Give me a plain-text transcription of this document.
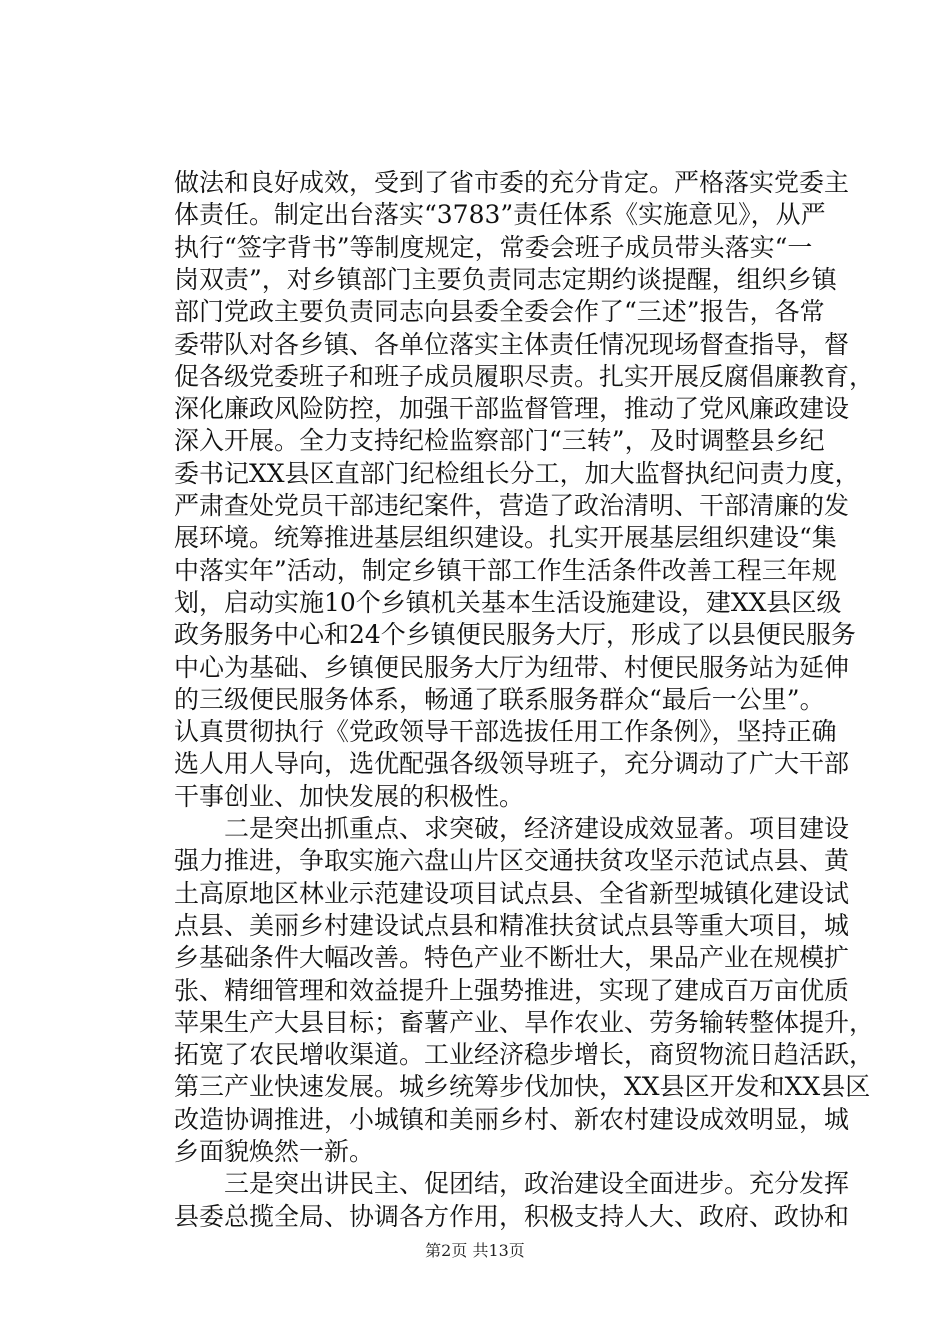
做法和良好成效，受到了省市委的充分肯定。严格落实党委主
体责任。制定出台落实“3783”责任体系《实施意见》，从严
执行“签字背书”等制度规定，常委会班子成员带头落实“一
岗双责”，对乡镇部门主要负责同志定期约谈提醒，组织乡镇
部门党政主要负责同志向县委全委会作了“三述”报告，各常
委带队对各乡镇、各单位落实主体责任情况现场督查指导，督
促各级党委班子和班子成员履职尽责。扎实开展反腐倡廉教育，
深化廉政风险防控，加强干部监督管理，推动了党风廉政建设
深入开展。全力支持纪检监察部门“三转”，及时调整县乡纪
委书记XX县区直部门纪检组长分工，加大监督执纪问责力度，
严肃查处党员干部违纪案件，营造了政治清明、干部清廉的发
展环境。统筹推进基层组织建设。扎实开展基层组织建设“集
中落实年”活动，制定乡镇干部工作生活条件改善工程三年规
划，启动实施10个乡镇机关基本生活设施建设，建XX县区级
政务服务中心和24个乡镇便民服务大厅，形成了以县便民服务
中心为基础、乡镇便民服务大厅为纽带、村便民服务站为延伸
的三级便民服务体系，畅通了联系服务群众“最后一公里”。
认真贯彻执行《党政领导干部选拔任用工作条例》，坚持正确
选人用人导向，选优配强各级领导班子，充分调动了广大干部
干事创业、加快发展的积极性。
　　二是突出抓重点、求突破，经济建设成效显著。项目建设
强力推进，争取实施六盘山片区交通扶贫攻坚示范试点县、黄
土高原地区林业示范建设项目试点县、全省新型城镇化建设试
点县、美丽乡村建设试点县和精准扶贫试点县等重大项目，城
乡基础条件大幅改善。特色产业不断壮大，果品产业在规模扩
张、精细管理和效益提升上强势推进，实现了建成百万亩优质
苹果生产大县目标；畜薯产业、旱作农业、劳务输转整体提升，
拓宽了农民增收渠道。工业经济稳步增长，商贸物流日趋活跃，
第三产业快速发展。城乡统筹步伐加快，XX县区开发和XX县区
改造协调推进，小城镇和美丽乡村、新农村建设成效明显，城
乡面貌焕然一新。
　　三是突出讲民主、促团结，政治建设全面进步。充分发挥
县委总揽全局、协调各方作用，积极支持人大、政府、政协和
第2页 共13页
